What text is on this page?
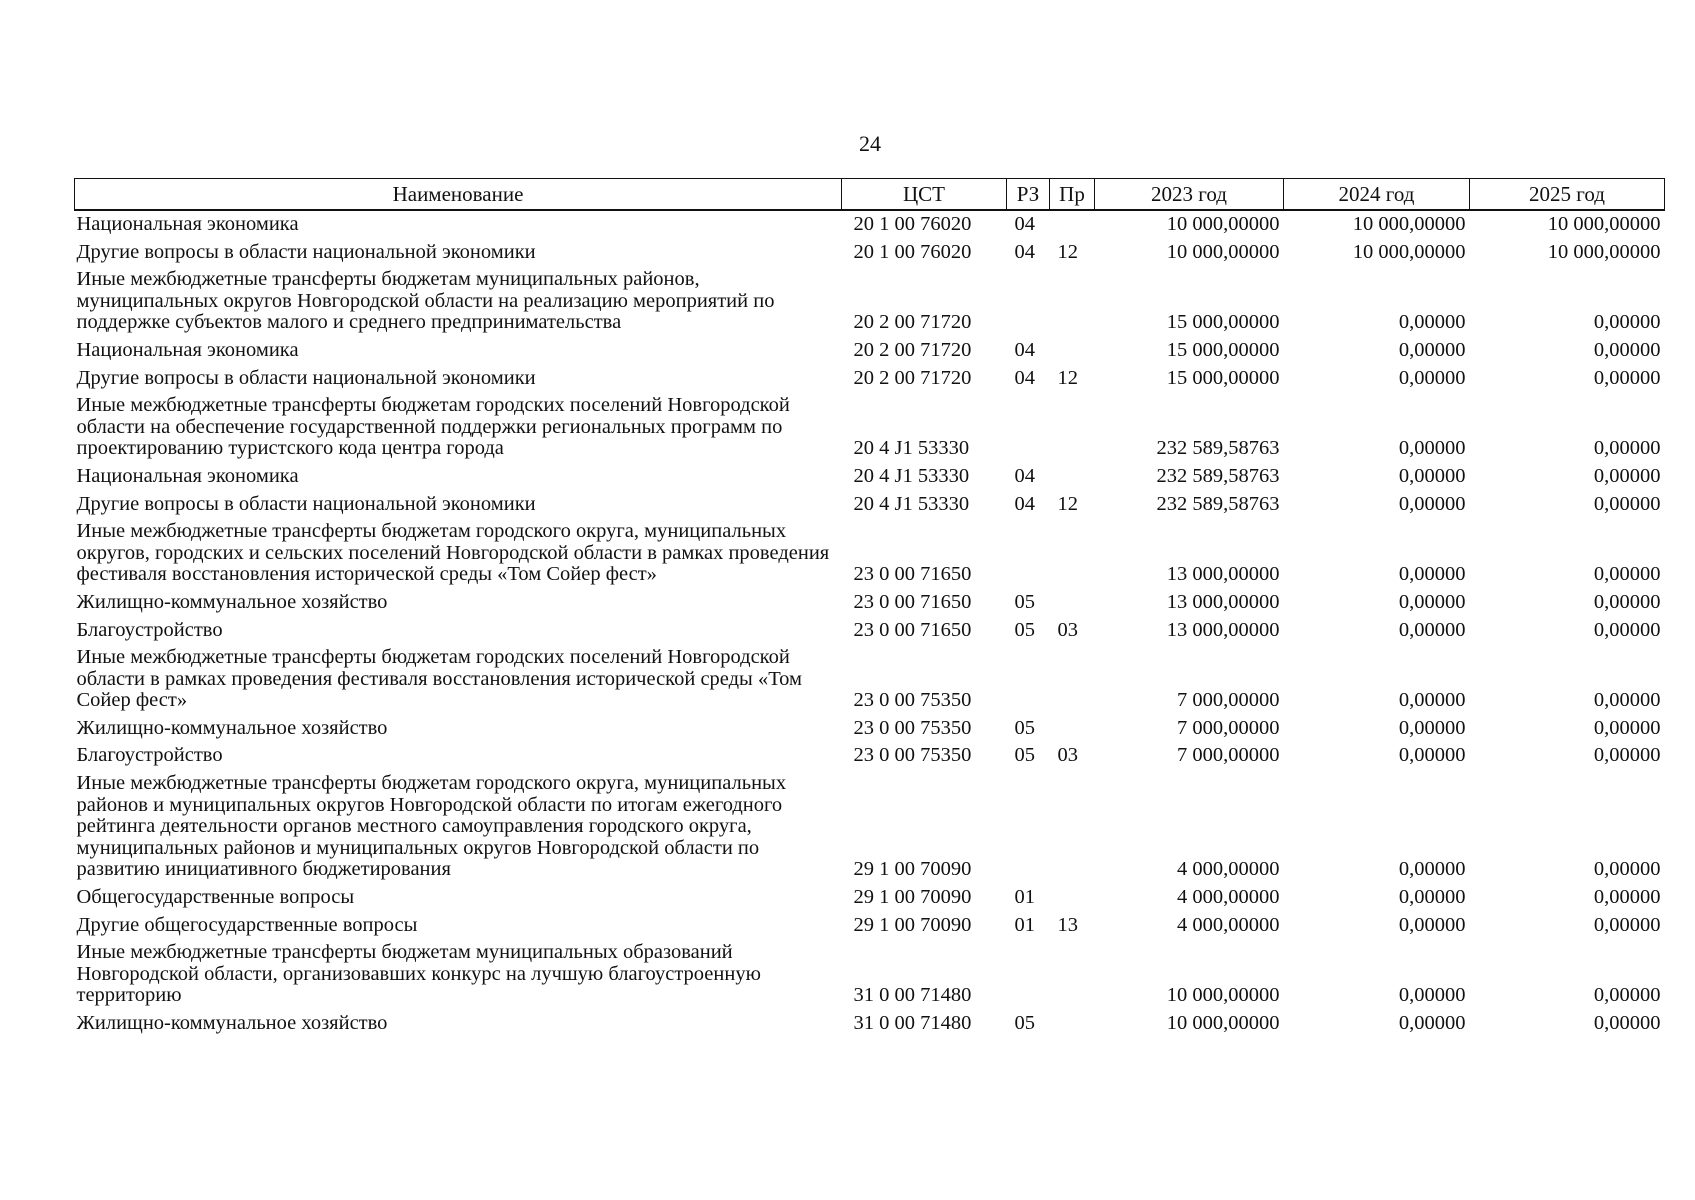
24
Наименование	ЦСТ	РЗ	Пр	2023 год	2024 год	2025 год
Национальная экономика	20 1 00 76020	04		10 000,00000	10 000,00000	10 000,00000
Другие вопросы в области национальной экономики	20 1 00 76020	04	12	10 000,00000	10 000,00000	10 000,00000
Иные межбюджетные трансферты бюджетам муниципальных районов, муниципальных округов Новгородской области на реализацию мероприятий по поддержке субъектов малого и среднего предпринимательства	20 2 00 71720			15 000,00000	0,00000	0,00000
Национальная экономика	20 2 00 71720	04		15 000,00000	0,00000	0,00000
Другие вопросы в области национальной экономики	20 2 00 71720	04	12	15 000,00000	0,00000	0,00000
Иные межбюджетные трансферты бюджетам городских поселений Новгородской области на обеспечение государственной поддержки региональных программ по проектированию туристского кода центра города	20 4 J1 53330			232 589,58763	0,00000	0,00000
Национальная экономика	20 4 J1 53330	04		232 589,58763	0,00000	0,00000
Другие вопросы в области национальной экономики	20 4 J1 53330	04	12	232 589,58763	0,00000	0,00000
Иные межбюджетные трансферты бюджетам городского округа, муниципальных округов, городских и сельских поселений Новгородской области в рамках проведения фестиваля восстановления исторической среды «Том Сойер фест»	23 0 00 71650			13 000,00000	0,00000	0,00000
Жилищно-коммунальное хозяйство	23 0 00 71650	05		13 000,00000	0,00000	0,00000
Благоустройство	23 0 00 71650	05	03	13 000,00000	0,00000	0,00000
Иные межбюджетные трансферты бюджетам городских поселений Новгородской области в рамках проведения фестиваля восстановления исторической среды «Том Сойер фест»	23 0 00 75350			7 000,00000	0,00000	0,00000
Жилищно-коммунальное хозяйство	23 0 00 75350	05		7 000,00000	0,00000	0,00000
Благоустройство	23 0 00 75350	05	03	7 000,00000	0,00000	0,00000
Иные межбюджетные трансферты бюджетам городского округа, муниципальных районов и муниципальных округов Новгородской области по итогам ежегодного рейтинга деятельности органов местного самоуправления городского округа, муниципальных районов и муниципальных округов Новгородской области по развитию инициативного бюджетирования	29 1 00 70090			4 000,00000	0,00000	0,00000
Общегосударственные вопросы	29 1 00 70090	01		4 000,00000	0,00000	0,00000
Другие общегосударственные вопросы	29 1 00 70090	01	13	4 000,00000	0,00000	0,00000
Иные межбюджетные трансферты бюджетам муниципальных образований Новгородской области, организовавших конкурс на лучшую благоустроенную территорию	31 0 00 71480			10 000,00000	0,00000	0,00000
Жилищно-коммунальное хозяйство	31 0 00 71480	05		10 000,00000	0,00000	0,00000
